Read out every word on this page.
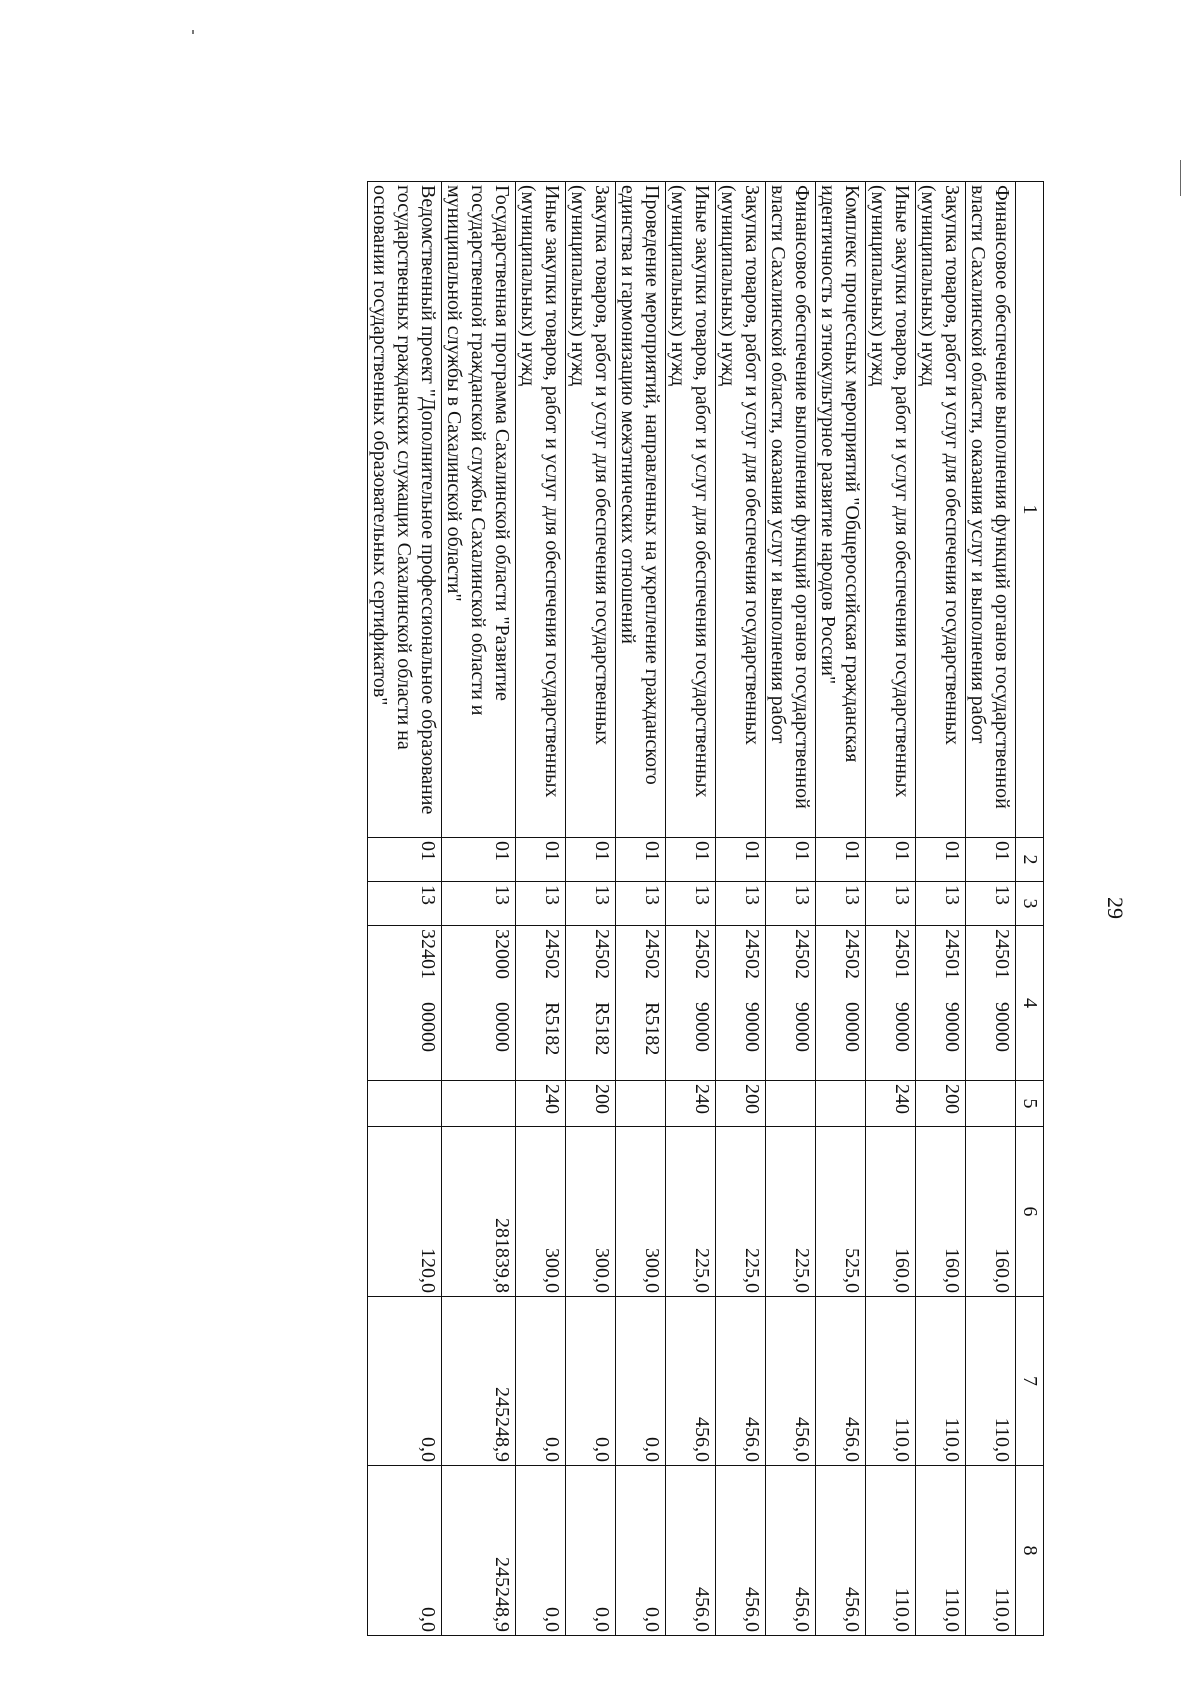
29
1	2	3	4	5	6	7	8
Финансовое обеспечение выполнения функций органов государственной власти Сахалинской области, оказания услуг и выполнения работ	01	13	24501 90000		160,0	110,0	110,0
Закупка товаров, работ и услуг для обеспечения государственных (муниципальных) нужд	01	13	24501 90000	200	160,0	110,0	110,0
Иные закупки товаров, работ и услуг для обеспечения государственных (муниципальных) нужд	01	13	24501 90000	240	160,0	110,0	110,0
Комплекс процессных мероприятий "Общероссийская гражданская идентичность и этнокультурное развитие народов России"	01	13	24502 00000		525,0	456,0	456,0
Финансовое обеспечение выполнения функций органов государственной власти Сахалинской области, оказания услуг и выполнения работ	01	13	24502 90000		225,0	456,0	456,0
Закупка товаров, работ и услуг для обеспечения государственных (муниципальных) нужд	01	13	24502 90000	200	225,0	456,0	456,0
Иные закупки товаров, работ и услуг для обеспечения государственных (муниципальных) нужд	01	13	24502 90000	240	225,0	456,0	456,0
Проведение мероприятий, направленных на укрепление гражданского единства и гармонизацию межэтнических отношений	01	13	24502 R5182		300,0	0,0	0,0
Закупка товаров, работ и услуг для обеспечения государственных (муниципальных) нужд	01	13	24502 R5182	200	300,0	0,0	0,0
Иные закупки товаров, работ и услуг для обеспечения государственных (муниципальных) нужд	01	13	24502 R5182	240	300,0	0,0	0,0
Государственная программа Сахалинской области "Развитие государственной гражданской службы Сахалинской области и муниципальной службы в Сахалинской области"	01	13	32000 00000		281839,8	245248,9	245248,9
Ведомственный проект "Дополнительное профессиональное образование государственных гражданских служащих Сахалинской области на основании государственных образовательных сертификатов"	01	13	32401 00000		120,0	0,0	0,0
